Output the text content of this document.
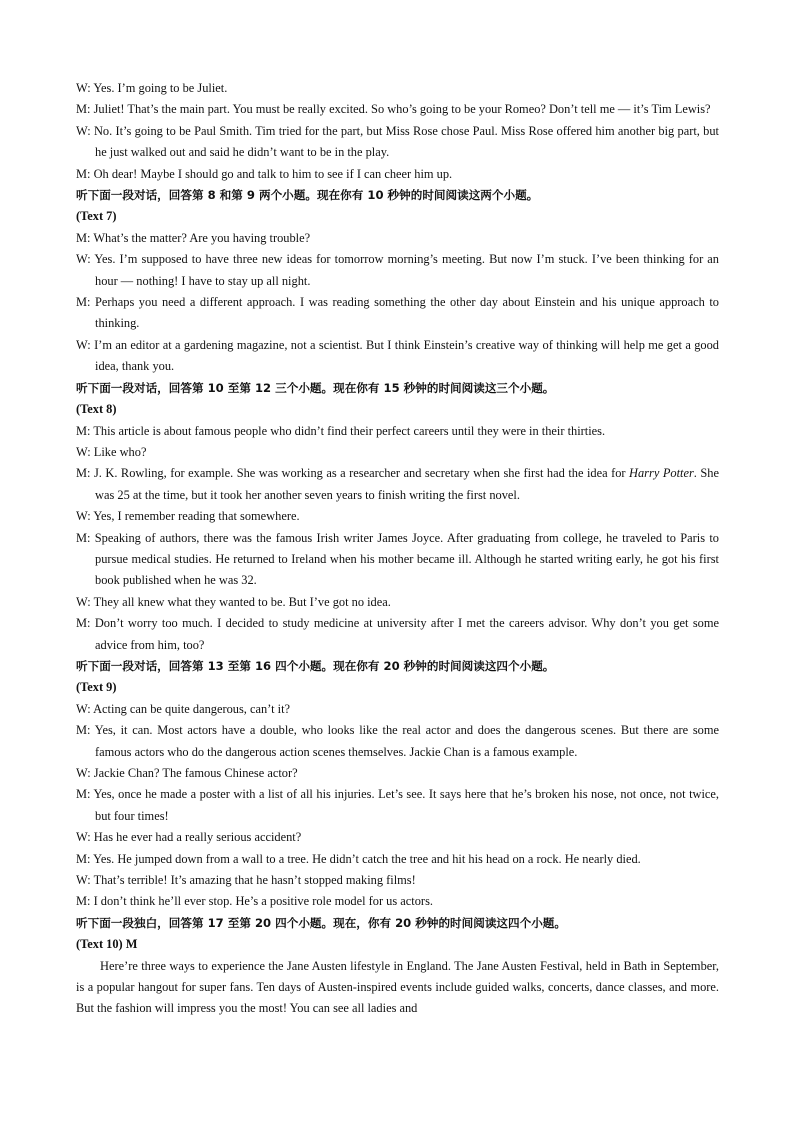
W: Yes. I’m going to be Juliet.

M: Juliet! That’s the main part. You must be really excited. So who’s going to be your Romeo? Don’t tell me — it’s Tim Lewis?

W: No. It’s going to be Paul Smith. Tim tried for the part, but Miss Rose chose Paul. Miss Rose offered him another big part, but he just walked out and said he didn’t want to be in the play.

M: Oh dear! Maybe I should go and talk to him to see if I can cheer him up.

听下面一段对话，回答第 8 和第 9 两个小题。现在你有 10 秒钟的时间阅读这两个小题。

(Text 7)

M: What’s the matter? Are you having trouble?

W: Yes. I’m supposed to have three new ideas for tomorrow morning’s meeting. But now I’m stuck. I’ve been thinking for an hour — nothing! I have to stay up all night.

M: Perhaps you need a different approach. I was reading something the other day about Einstein and his unique approach to thinking.

W: I’m an editor at a gardening magazine, not a scientist. But I think Einstein’s creative way of thinking will help me get a good idea, thank you.

听下面一段对话，回答第 10 至第 12 三个小题。现在你有 15 秒钟的时间阅读这三个小题。

(Text 8)

M: This article is about famous people who didn’t find their perfect careers until they were in their thirties.

W: Like who?

M: J. K. Rowling, for example. She was working as a researcher and secretary when she first had the idea for Harry Potter. She was 25 at the time, but it took her another seven years to finish writing the first novel.

W: Yes, I remember reading that somewhere.

M: Speaking of authors, there was the famous Irish writer James Joyce. After graduating from college, he traveled to Paris to pursue medical studies. He returned to Ireland when his mother became ill. Although he started writing early, he got his first book published when he was 32.

W: They all knew what they wanted to be. But I’ve got no idea.

M: Don’t worry too much. I decided to study medicine at university after I met the careers advisor. Why don’t you get some advice from him, too?

听下面一段对话，回答第 13 至第 16 四个小题。现在你有 20 秒钟的时间阅读这四个小题。

(Text 9)

W: Acting can be quite dangerous, can’t it?

M: Yes, it can. Most actors have a double, who looks like the real actor and does the dangerous scenes. But there are some famous actors who do the dangerous action scenes themselves. Jackie Chan is a famous example.

W: Jackie Chan? The famous Chinese actor?

M: Yes, once he made a poster with a list of all his injuries. Let’s see. It says here that he’s broken his nose, not once, not twice, but four times!

W: Has he ever had a really serious accident?

M: Yes. He jumped down from a wall to a tree. He didn’t catch the tree and hit his head on a rock. He nearly died.

W: That’s terrible! It’s amazing that he hasn’t stopped making films!

M: I don’t think he’ll ever stop. He’s a positive role model for us actors.

听下面一段独白，回答第 17 至第 20 四个小题。现在，你有 20 秒钟的时间阅读这四个小题。

(Text 10) M

Here’re three ways to experience the Jane Austen lifestyle in England. The Jane Austen Festival, held in Bath in September, is a popular hangout for super fans. Ten days of Austen-inspired events include guided walks, concerts, dance classes, and more. But the fashion will impress you the most! You can see all ladies and
